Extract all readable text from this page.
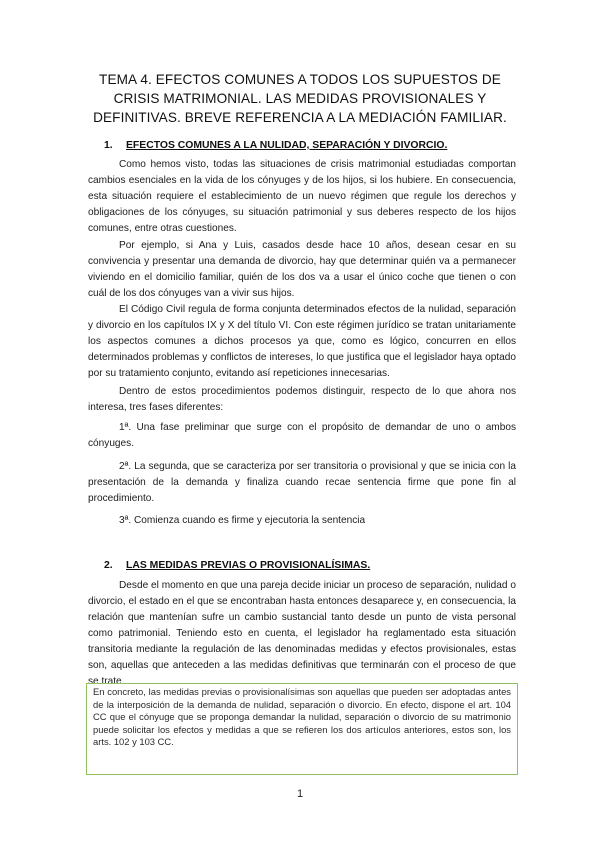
TEMA 4. EFECTOS COMUNES A TODOS LOS SUPUESTOS DE CRISIS MATRIMONIAL. LAS MEDIDAS PROVISIONALES Y DEFINITIVAS. BREVE REFERENCIA A LA MEDIACIÓN FAMILIAR.
1. EFECTOS COMUNES A LA NULIDAD, SEPARACIÓN Y DIVORCIO.

Como hemos visto, todas las situaciones de crisis matrimonial estudiadas comportan cambios esenciales en la vida de los cónyuges y de los hijos, si los hubiere. En consecuencia, esta situación requiere el establecimiento de un nuevo régimen que regule los derechos y obligaciones de los cónyuges, su situación patrimonial y sus deberes respecto de los hijos comunes, entre otras cuestiones.

Por ejemplo, si Ana y Luis, casados desde hace 10 años, desean cesar en su convivencia y presentar una demanda de divorcio, hay que determinar quién va a permanecer viviendo en el domicilio familiar, quién de los dos va a usar el único coche que tienen o con cuál de los dos cónyuges van a vivir sus hijos.

El Código Civil regula de forma conjunta determinados efectos de la nulidad, separación y divorcio en los capítulos IX y X del título VI. Con este régimen jurídico se tratan unitariamente los aspectos comunes a dichos procesos ya que, como es lógico, concurren en ellos determinados problemas y conflictos de intereses, lo que justifica que el legislador haya optado por su tratamiento conjunto, evitando así repeticiones innecesarias.

Dentro de estos procedimientos podemos distinguir, respecto de lo que ahora nos interesa, tres fases diferentes:

1ª. Una fase preliminar que surge con el propósito de demandar de uno o ambos cónyuges.

2ª. La segunda, que se caracteriza por ser transitoria o provisional y que se inicia con la presentación de la demanda y finaliza cuando recae sentencia firme que pone fin al procedimiento.

3ª. Comienza cuando es firme y ejecutoria la sentencia

2. LAS MEDIDAS PREVIAS O PROVISIONALÍSIMAS.

Desde el momento en que una pareja decide iniciar un proceso de separación, nulidad o divorcio, el estado en el que se encontraban hasta entonces desaparece y, en consecuencia, la relación que mantenían sufre un cambio sustancial tanto desde un punto de vista personal como patrimonial. Teniendo esto en cuenta, el legislador ha reglamentado esta situación transitoria mediante la regulación de las denominadas medidas y efectos provisionales, estas son, aquellas que anteceden a las medidas definitivas que terminarán con el proceso de que se trate.

En concreto, las medidas previas o provisionalísimas son aquellas que pueden ser adoptadas antes de la interposición de la demanda de nulidad, separación o divorcio. En efecto, dispone el art. 104 CC que el cónyuge que se proponga demandar la nulidad, separación o divorcio de su matrimonio puede solicitar los efectos y medidas a que se refieren los dos artículos anteriores, estos son, los arts. 102 y 103 CC.
1
